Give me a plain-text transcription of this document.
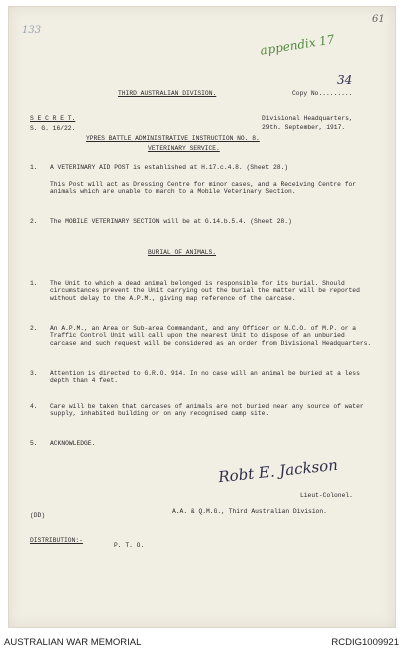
133
61
appendix 17
34
THIRD AUSTRALIAN DIVISION.	Copy No.........
S E C R E T.	Divisional Headquarters,
S. G. 16/22.	29th. September, 1917.
YPRES BATTLE ADMINISTRATIVE INSTRUCTION NO. 8.
VETERINARY SERVICE.
1. A VETERINARY AID POST is established at H.17.c.4.8. (Sheet 28.)
This Post will act as Dressing Centre for minor cases, and a Receiving Centre for animals which are unable to march to a Mobile Veterinary Section.
2. The MOBILE VETERINARY SECTION will be at G.14.b.5.4. (Sheet 28.)
BURIAL OF ANIMALS.
1. The Unit to which a dead animal belonged is responsible for its burial. Should circumstances prevent the Unit carrying out the burial the matter will be reported without delay to the A.P.M., giving map reference of the carcase.
2. An A.P.M., an Area or Sub-area Commandant, and any Officer or N.C.O. of M.P. or a Traffic Control Unit will call upon the nearest Unit to dispose of an unburied carcase and such request will be considered as an order from Divisional Headquarters.
3. Attention is directed to G.R.O. 914. In no case will an animal be buried at a less depth than 4 feet.
4. Care will be taken that carcases of animals are not buried near any source of water supply, inhabited building or on any recognised camp site.
5. ACKNOWLEDGE.
Robt E. Jackson
Lieut-Colonel.
(DD)
A.A. & Q.M.G., Third Australian Division.
DISTRIBUTION:-
P. T. O.
AUSTRALIAN WAR MEMORIAL	RCDIG1009921
